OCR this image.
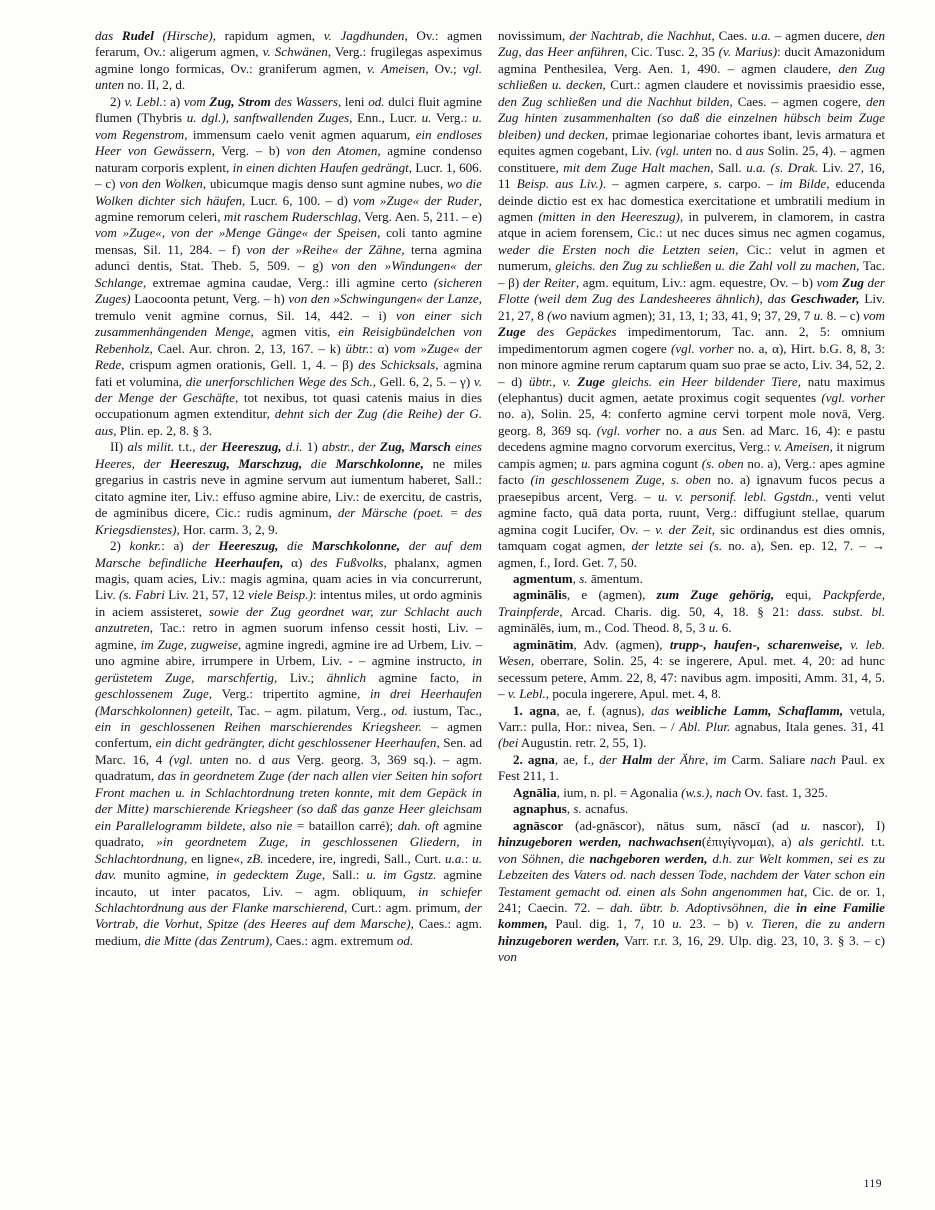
das Rudel (Hirsche), rapidum agmen, v. Jagdhunden, Ov.: agmen ferarum, Ov.: aligerum agmen, v. Schwänen, Verg.: frugilegas aspeximus agmine longo formicas, Ov.: graniferum agmen, v. Ameisen, Ov.; vgl. unten no. II, 2, d.

2) v. Lebl.: a) vom Zug, Strom des Wassers, leni od. dulci fluit agmine flumen (Thybris u. dgl.), sanftwallenden Zuges, Enn., Lucr. u. Verg.: u. vom Regenstrom, immensum caelo venit agmen aquarum, ein endloses Heer von Gewässern, Verg. – b) von den Atomen, agmine condenso naturam corporis explent, in einen dichten Haufen gedrängt, Lucr. 1, 606. – c) von den Wolken, ubicumque magis denso sunt agmine nubes, wo die Wolken dichter sich häufen, Lucr. 6, 100. – d) vom »Zuge« der Ruder, agmine remorum celeri, mit raschem Ruderschlag, Verg. Aen. 5, 211. – e) vom »Zuge«, von der »Menge Gänge« der Speisen, coli tanto agmine mensas, Sil. 11, 284. – f) von der »Reihe« der Zähne, terna agmina adunci dentis, Stat. Theb. 5, 509. – g) von den »Windungen« der Schlange, extremae agmina caudae, Verg.: illi agmine certo (sicheren Zuges) Laocoonta petunt, Verg. – h) von den »Schwingungen« der Lanze, tremulo venit agmine cornus, Sil. 14, 442. – i) von einer sich zusammenhängenden Menge, agmen vitis, ein Reisigbündelchen von Rebenholz, Cael. Aur. chron. 2, 13, 167. – k) übtr.: α) vom »Zuge« der Rede, crispum agmen orationis, Gell. 1, 4. – β) des Schicksals, agmina fati et volumina, die unerforschlichen Wege des Sch., Gell. 6, 2, 5. – γ) v. der Menge der Geschäfte, tot nexibus, tot quasi catenis maius in dies occupationum agmen extenditur, dehnt sich der Zug (die Reihe) der G. aus, Plin. ep. 2, 8. § 3.

II) als milit. t.t., der Heereszug, d.i. 1) abstr., der Zug, Marsch eines Heeres, der Heereszug, Marschzug, die Marschkolonne, ne miles gregarius in castris neve in agmine servum aut iumentum haberet, Sall.: citato agmine iter, Liv.: effuso agmine abire, Liv.: de exercitu, de castris, de agminibus dicere, Cic.: rudis agminum, der Märsche (poet. = des Kriegsdienstes), Hor. carm. 3, 2, 9.

2) konkr.: a) der Heereszug, die Marschkolonne, der auf dem Marsche befindliche Heerhaufen, α) des Fußvolks, phalanx, agmen magis, quam acies, Liv.: magis agmina, quam acies in via concurrerunt, Liv. (s. Fabri Liv. 21, 57, 12 viele Beisp.): intentus miles, ut ordo agminis in aciem assisteret, sowie der Zug geordnet war, zur Schlacht auch anzutreten, Tac.: retro in agmen suorum infenso cessit hosti, Liv. – agmine, im Zuge, zugweise, agmine ingredi, agmine ire ad Urbem, Liv. – uno agmine abire, irrumpere in Urbem, Liv. - – agmine instructo, in gerüstetem Zuge, marschfertig, Liv.; ähnlich agmine facto, in geschlossenem Zuge, Verg.: tripertito agmine, in drei Heerhaufen (Marschkolonnen) geteilt, Tac. – agm. pilatum, Verg., od. iustum, Tac., ein in geschlossenen Reihen marschierendes Kriegsheer. – agmen confertum, ein dicht gedrängter, dicht geschlossener Heerhaufen, Sen. ad Marc. 16, 4 (vgl. unten no. d aus Verg. georg. 3, 369 sq.). – agm. quadratum, das in geordnetem Zuge (der nach allen vier Seiten hin sofort Front machen u. in Schlachtordnung treten konnte, mit dem Gepäck in der Mitte) marschierende Kriegsheer (so daß das ganze Heer gleichsam ein Parallelogramm bildete, also nie = bataillon carré); dah. oft agmine quadrato, »in geordnetem Zuge, in geschlossenen Gliedern, in Schlachtordnung, en ligne«, zB. incedere, ire, ingredi, Sall., Curt. u.a.: u. dav. munito agmine, in gedecktem Zuge, Sall.: u. im Ggstz. agmine incauto, ut inter pacatos, Liv. – agm. obliquum, in schiefer Schlachtordnung aus der Flanke marschierend, Curt.: agm. primum, der Vortrab, die Vorhut, Spitze (des Heeres auf dem Marsche), Caes.: agm. medium, die Mitte (das Zentrum), Caes.: agm. extremum od.

novissimum, der Nachtrab, die Nachhut, Caes. u.a. – agmen ducere, den Zug, das Heer anführen, Cic. Tusc. 2, 35 (v. Marius): ducit Amazonidum agmina Penthesilea, Verg. Aen. 1, 490. – agmen claudere, den Zug schließen u. decken, Curt.: agmen claudere et novissimis praesidio esse, den Zug schließen und die Nachhut bilden, Caes. – agmen cogere, den Zug hinten zusammenhalten (so daß die einzelnen hübsch beim Zuge bleiben) und decken, primae legionariae cohortes ibant, levis armatura et equites agmen cogebant, Liv. (vgl. unten no. d aus Solin. 25, 4). – agmen constituere, mit dem Zuge Halt machen, Sall. u.a. (s. Drak. Liv. 27, 16, 11 Beisp. aus Liv.). – agmen carpere, s. carpo. – im Bilde, educenda deinde dictio est ex hac domestica exercitatione et umbratili medium in agmen (mitten in den Heereszug), in pulverem, in clamorem, in castra atque in aciem forensem, Cic.: ut nec duces simus nec agmen cogamus, weder die Ersten noch die Letzten seien, Cic.: velut in agmen et numerum, gleichs. den Zug zu schließen u. die Zahl voll zu machen, Tac. – β) der Reiter, agm. equitum, Liv.: agm. equestre, Ov. – b) vom Zug der Flotte (weil dem Zug des Landesheeres ähnlich), das Geschwader, Liv. 21, 27, 8 (wo navium agmen); 31, 13, 1; 33, 41, 9; 37, 29, 7 u. 8. – c) vom Zuge des Gepäckes impedimentorum, Tac. ann. 2, 5: omnium impedimentorum agmen cogere (vgl. vorher no. a, α), Hirt. b.G. 8, 8, 3: non minore agmine rerum captarum quam suo prae se acto, Liv. 34, 52, 2. – d) übtr., v. Zuge gleichs. ein Heer bildender Tiere, natu maximus (elephantus) ducit agmen, aetate proximus cogit sequentes (vgl. vorher no. a), Solin. 25, 4: conferto agmine cervi torpent mole novā, Verg. georg. 8, 369 sq. (vgl. vorher no. a aus Sen. ad Marc. 16, 4): e pastu decedens agmine magno corvorum exercitus, Verg.: v. Ameisen, it nigrum campis agmen; u. pars agmina cogunt (s. oben no. a), Verg.: apes agmine facto (in geschlossenem Zuge, s. oben no. a) ignavum fucos pecus a praesepibus arcent, Verg. – u. v. personif. lebl. Ggstdn., venti velut agmine facto, quā data porta, ruunt, Verg.: diffugiunt stellae, quarum agmina cogit Lucifer, Ov. – v. der Zeit, sic ordinandus est dies omnis, tamquam cogat agmen, der letzte sei (s. no. a), Sen. ep. 12, 7. – → agmen, f., Iord. Get. 7, 50.

agmentum, s. āmentum.

agminālis, e (agmen), zum Zuge gehörig, equi, Packpferde, Trainpferde, Arcad. Charis. dig. 50, 4, 18. § 21: dass. subst. bl. agminālēs, ium, m., Cod. Theod. 8, 5, 3 u. 6.

agminātim, Adv. (agmen), trupp-, haufen-, scharenweise, v. leb. Wesen, oberrare, Solin. 25, 4: se ingerere, Apul. met. 4, 20: ad hunc secessum petere, Amm. 22, 8, 47: navibus agm. impositi, Amm. 31, 4, 5. – v. Lebl., pocula ingerere, Apul. met. 4, 8.

1. agna, ae, f. (agnus), das weibliche Lamm, Schaflamm, vetula, Varr.: pulla, Hor.: nivea, Sen. – / Abl. Plur. agnabus, Itala genes. 31, 41 (bei Augustin. retr. 2, 55, 1).

2. agna, ae, f., der Halm der Ähre, im Carm. Saliare nach Paul. ex Fest 211, 1.

Agnālia, ium, n. pl. = Agonalia (w.s.), nach Ov. fast. 1, 325.

agnaphus, s. acnafus.

agnāscor (ad-gnāscor), nātus sum, nāscī (ad u. nascor), I) hinzugeboren werden, nachwachsen(ἐπιγίγνομαι), a) als gerichtl. t.t. von Söhnen, die nachgeboren werden, d.h. zur Welt kommen, sei es zu Lebzeiten des Vaters od. nach dessen Tode, nachdem der Vater schon ein Testament gemacht od. einen als Sohn angenommen hat, Cic. de or. 1, 241; Caecin. 72. – dah. übtr. b. Adoptivsöhnen, die in eine Familie kommen, Paul. dig. 1, 7, 10 u. 23. – b) v. Tieren, die zu andern hinzugeboren werden, Varr. r.r. 3, 16, 29. Ulp. dig. 23, 10, 3. § 3. – c) von

119
